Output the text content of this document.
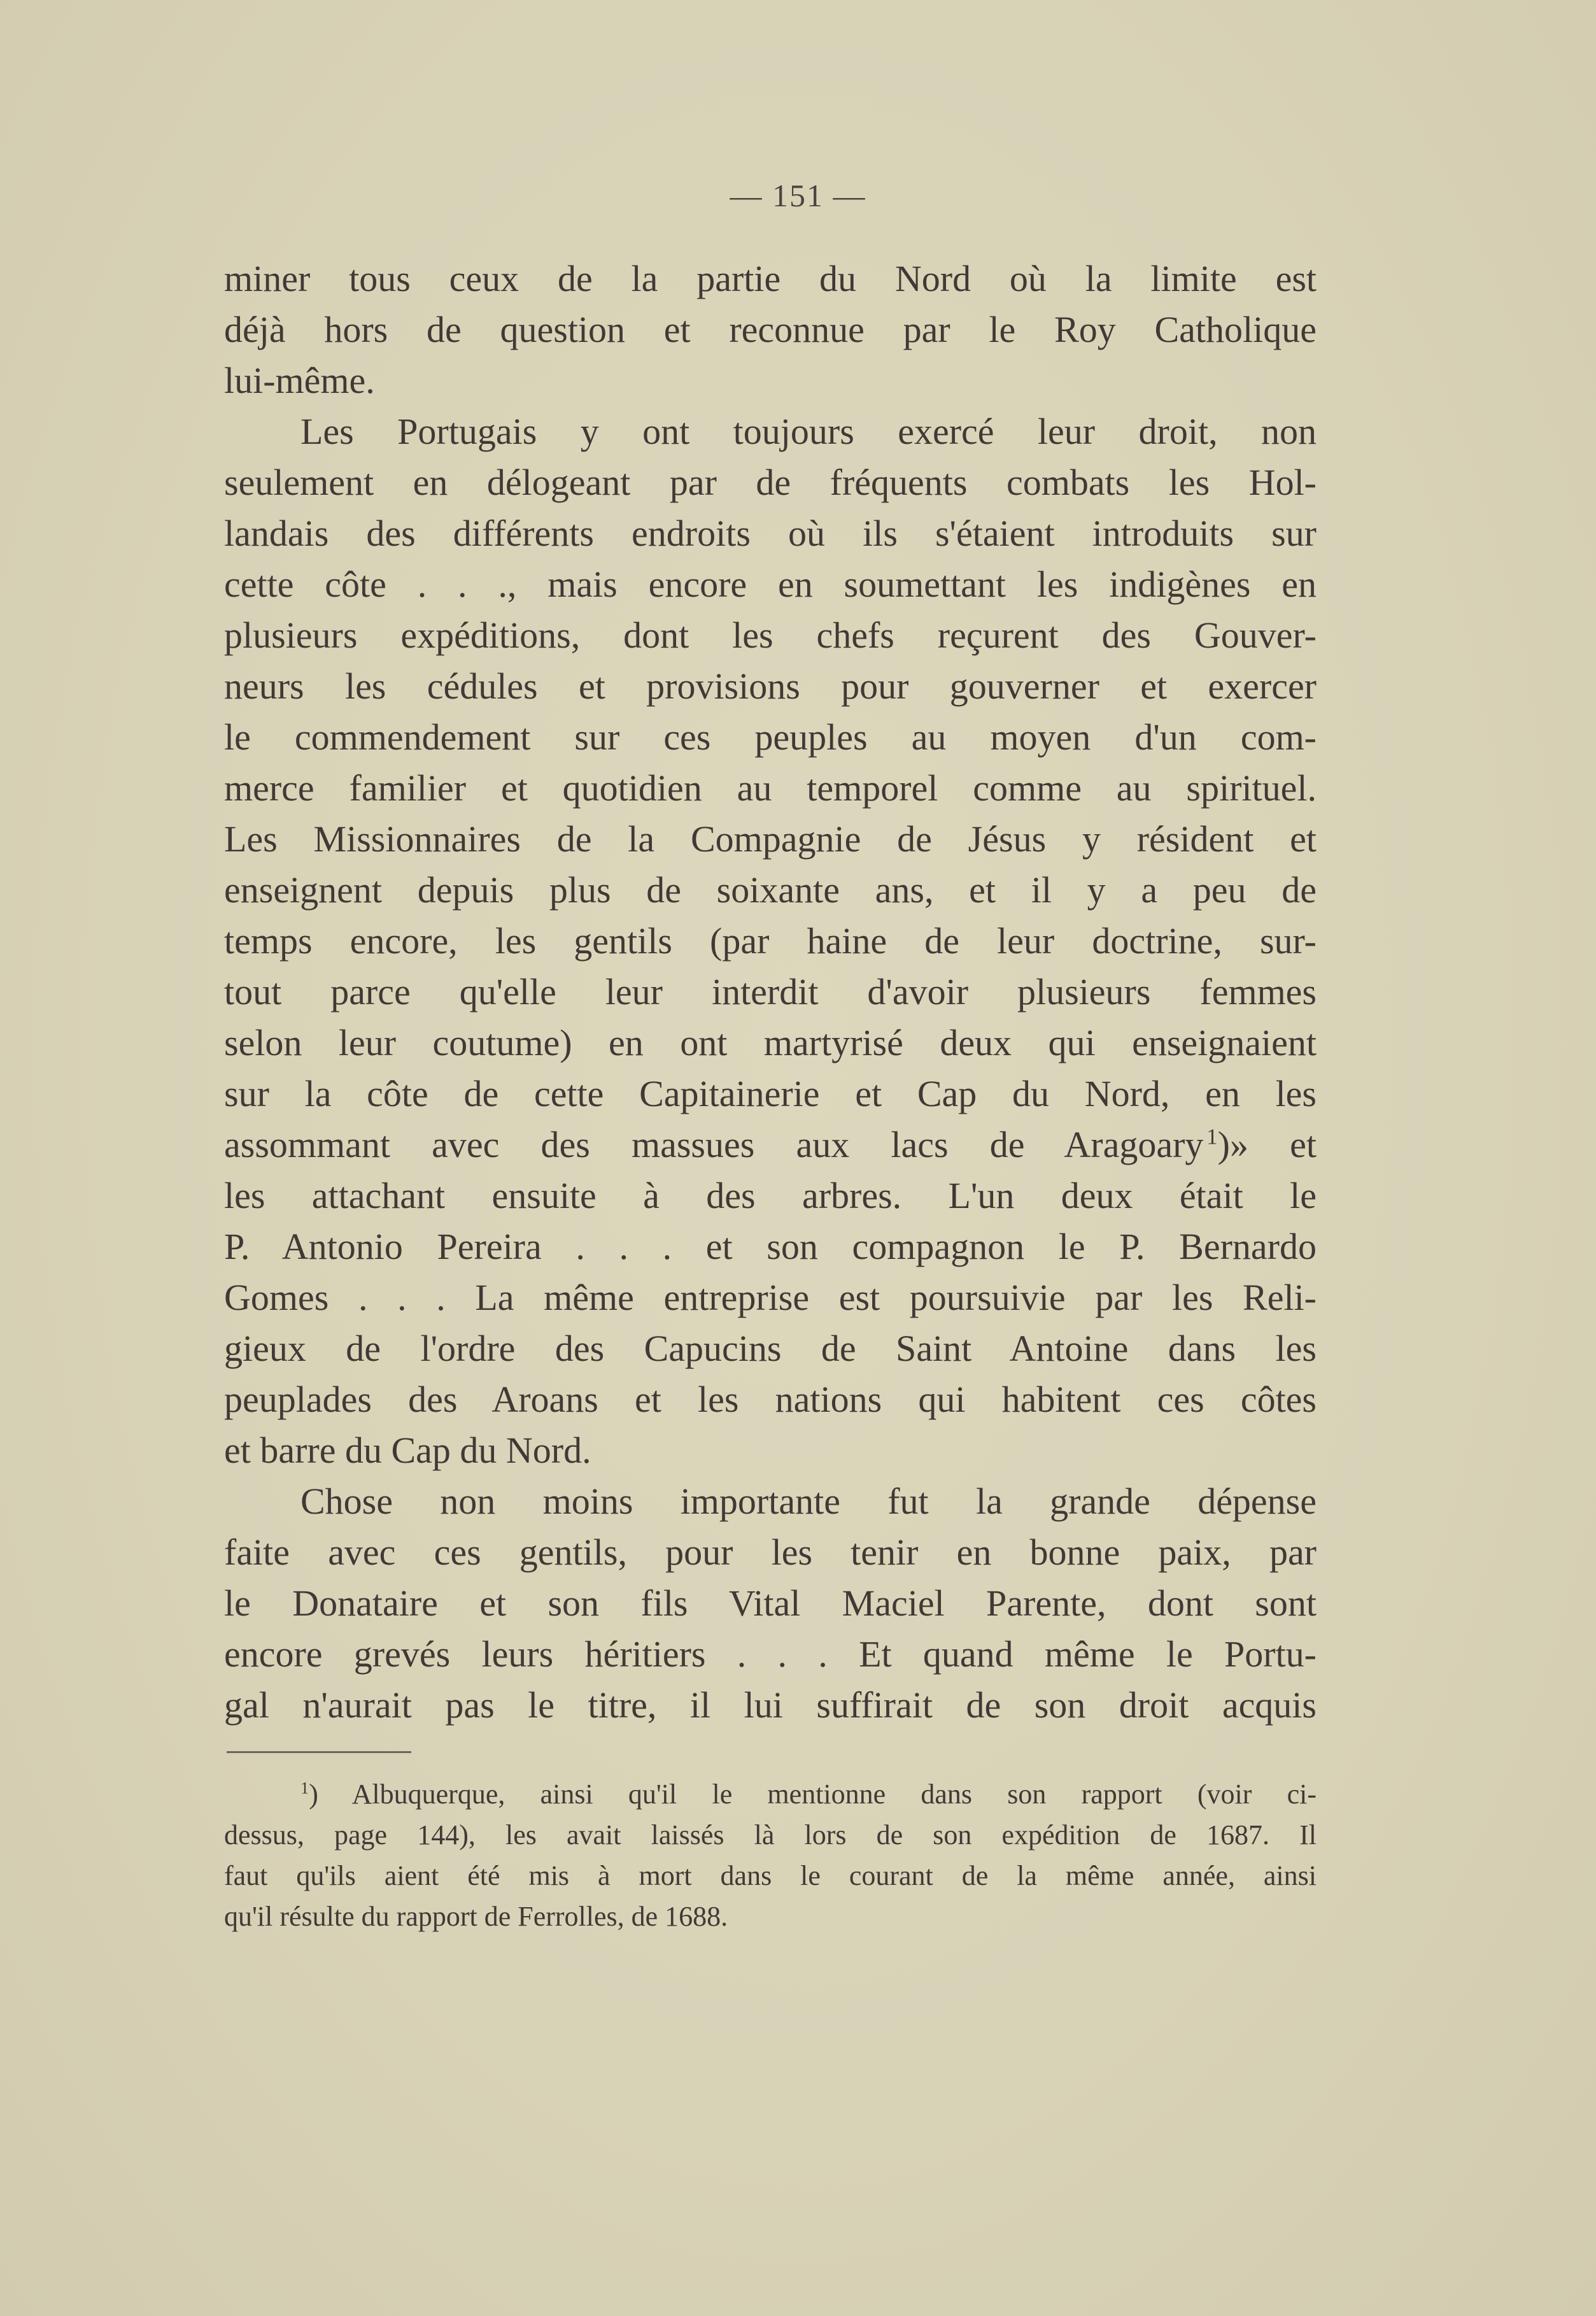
— 151 —
miner tous ceux de la partie du Nord où la limite est
déjà hors de question et reconnue par le Roy Catholique
lui-même.
Les Portugais y ont toujours exercé leur droit, non
seulement en délogeant par de fréquents combats les Hol-
landais des différents endroits où ils s'étaient introduits sur
cette côte . . ., mais encore en soumettant les indigènes en
plusieurs expéditions, dont les chefs reçurent des Gouver-
neurs les cédules et provisions pour gouverner et exercer
le commendement sur ces peuples au moyen d'un com-
merce familier et quotidien au temporel comme au spirituel.
Les Missionnaires de la Compagnie de Jésus y résident et
enseignent depuis plus de soixante ans, et il y a peu de
temps encore, les gentils (par haine de leur doctrine, sur-
tout parce qu'elle leur interdit d'avoir plusieurs femmes
selon leur coutume) en ont martyrisé deux qui enseignaient
sur la côte de cette Capitainerie et Cap du Nord, en les
assommant avec des massues aux lacs de Aragoary  $^1$)» et
les attachant ensuite à des arbres. L'un deux était le
P. Antonio Pereira . . . et son compagnon le P. Bernardo
Gomes . . . La même entreprise est poursuivie par les Reli-
gieux de l'ordre des Capucins de Saint Antoine dans les
peuplades des Aroans et les nations qui habitent ces côtes
et barre du Cap du Nord.
Chose non moins importante fut la grande dépense
faite avec ces gentils, pour les tenir en bonne paix, par
le Donataire et son fils Vital Maciel Parente, dont sont
encore grevés leurs héritiers . . . Et quand même le Portu-
gal n'aurait pas le titre, il lui suffirait de son droit acquis
$^1$) Albuquerque, ainsi qu'il le mentionne dans son rapport (voir ci-
dessus, page 144), les avait laissés là lors de son expédition de 1687. Il
faut qu'ils aient été mis à mort dans le courant de la même année, ainsi
qu'il résulte du rapport de Ferrolles, de 1688.
